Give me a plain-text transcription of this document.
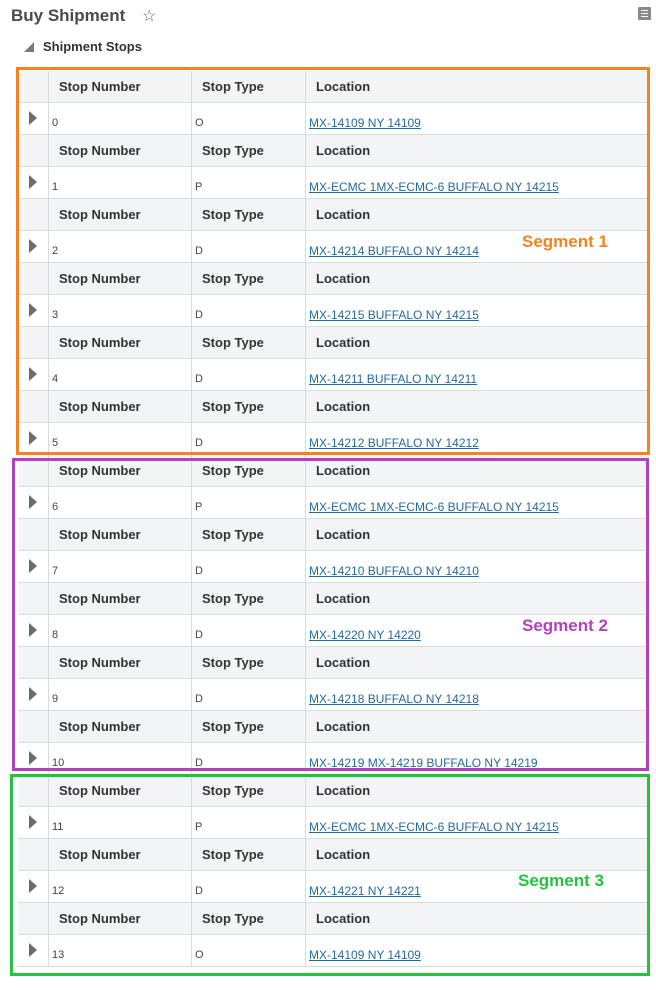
Buy Shipment ☆
Shipment Stops
Stop Number	Stop Type	Location
0	O	MX-14109 NY 14109
Stop Number	Stop Type	Location
1	P	MX-ECMC 1MX-ECMC-6 BUFFALO NY 14215
Stop Number	Stop Type	Location
2	D	MX-14214 BUFFALO NY 14214
Stop Number	Stop Type	Location
3	D	MX-14215 BUFFALO NY 14215
Stop Number	Stop Type	Location
4	D	MX-14211 BUFFALO NY 14211
Stop Number	Stop Type	Location
5	D	MX-14212 BUFFALO NY 14212
Stop Number	Stop Type	Location
6	P	MX-ECMC 1MX-ECMC-6 BUFFALO NY 14215
Stop Number	Stop Type	Location
7	D	MX-14210 BUFFALO NY 14210
Stop Number	Stop Type	Location
8	D	MX-14220 NY 14220
Stop Number	Stop Type	Location
9	D	MX-14218 BUFFALO NY 14218
Stop Number	Stop Type	Location
10	D	MX-14219 MX-14219 BUFFALO NY 14219
Stop Number	Stop Type	Location
11	P	MX-ECMC 1MX-ECMC-6 BUFFALO NY 14215
Stop Number	Stop Type	Location
12	D	MX-14221 NY 14221
Stop Number	Stop Type	Location
13	O	MX-14109 NY 14109
Segment 1
Segment 2
Segment 3
